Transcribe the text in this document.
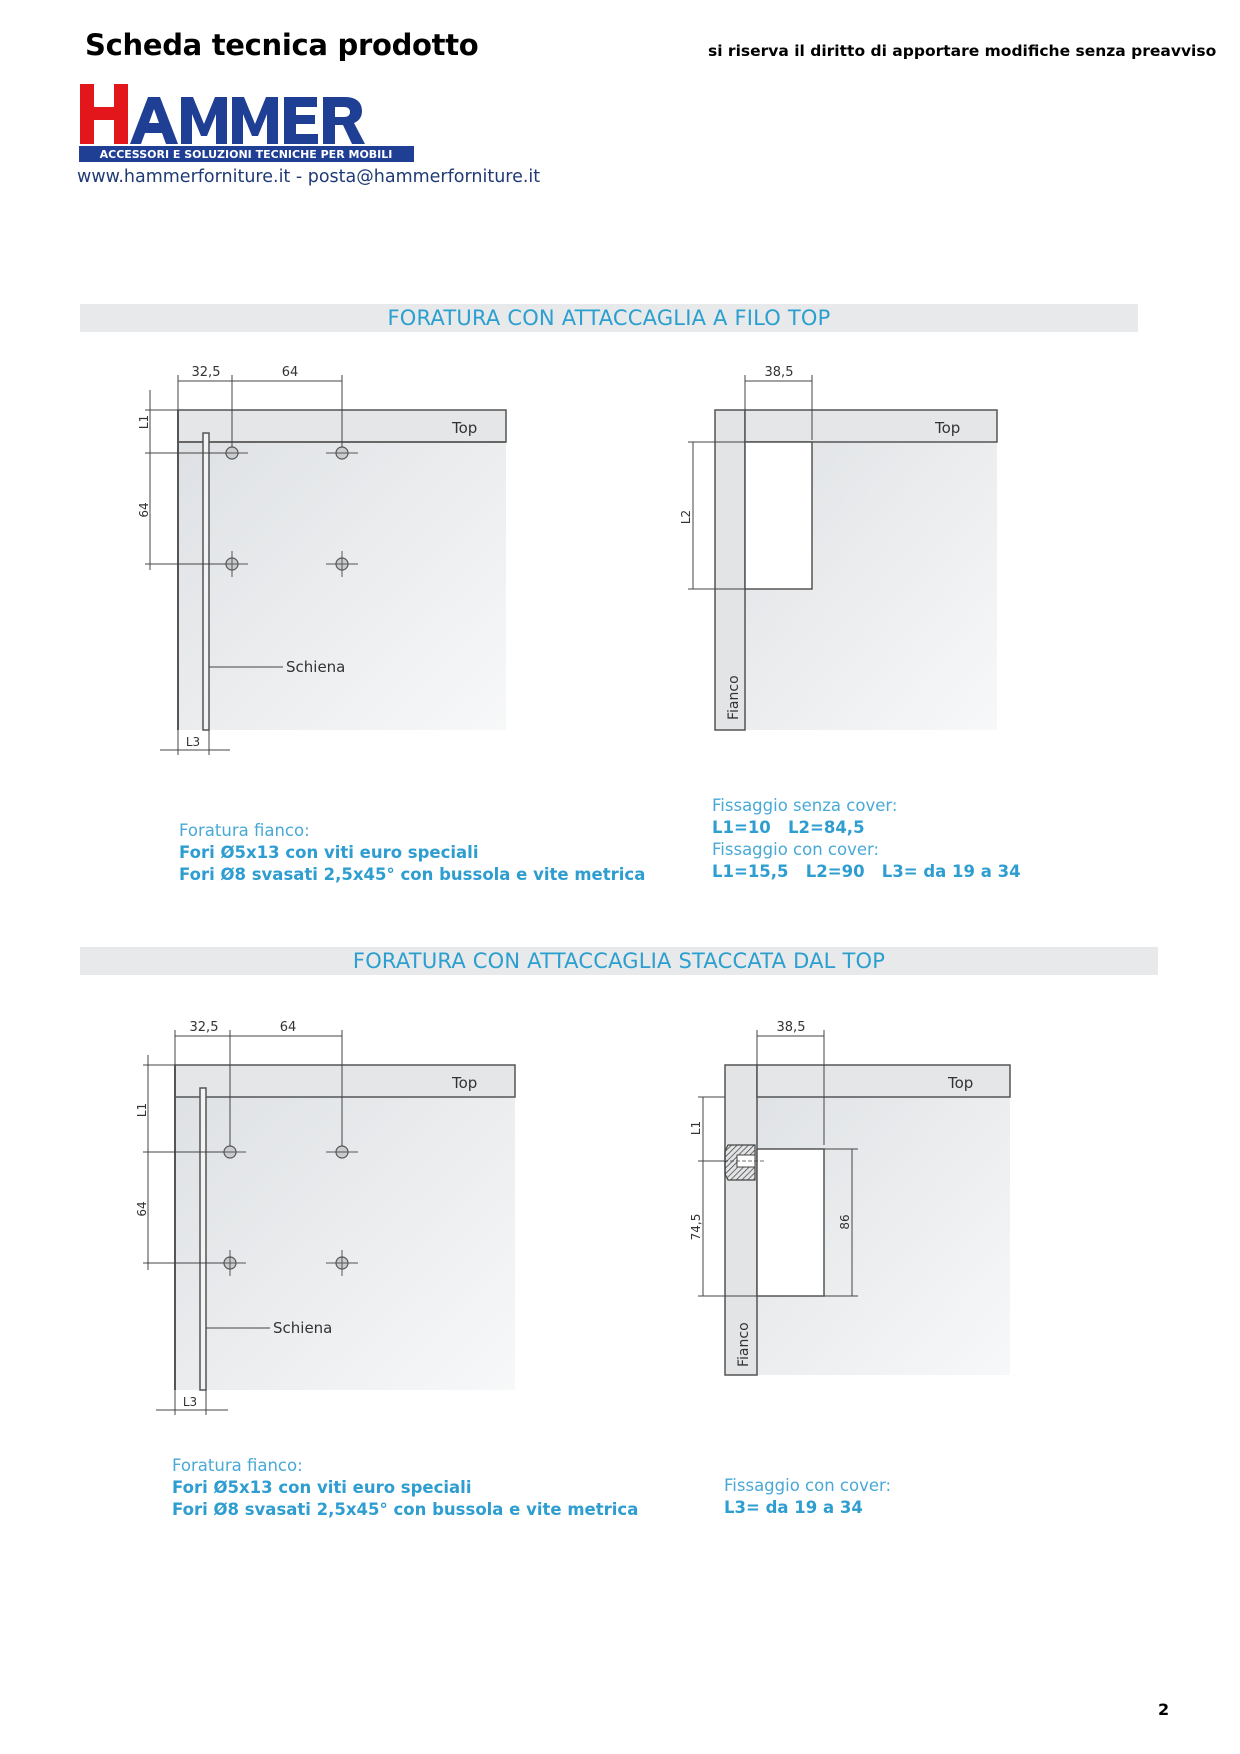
Scheda tecnica prodotto	si riserva il diritto di apportare modifiche senza preavviso
ACCESSORI E SOLUZIONI TECNICHE PER MOBILI
www.hammerforniture.it - posta@hammerforniture.it
FORATURA CON ATTACCAGLIA A FILO TOP
Top
32,5	64
L1
64
Schiena
L3
Top
Fianco
38,5
L2
Foratura fianco:
Fori Ø5x13 con viti euro speciali
Fori Ø8 svasati 2,5x45° con bussola e vite metrica
Fissaggio senza cover:
L1=10   L2=84,5
Fissaggio con cover:
L1=15,5   L2=90   L3= da 19 a 34
FORATURA CON ATTACCAGLIA STACCATA DAL TOP
Top
32,5	64
L1
64
Schiena
L3
Top
Fianco
38,5
L1
74,5	86
Foratura fianco:
Fori Ø5x13 con viti euro speciali
Fori Ø8 svasati 2,5x45° con bussola e vite metrica
Fissaggio con cover:
L3= da 19 a 34
2
